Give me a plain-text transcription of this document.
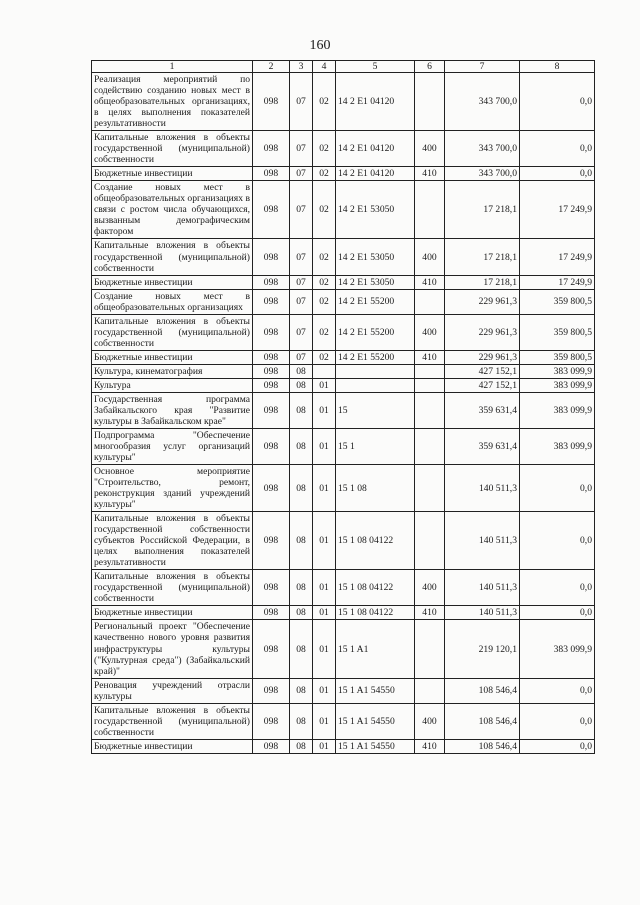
160
1	2	3	4	5	6	7	8
Реализация мероприятий по содействию созданию новых мест в общеобразовательных организациях, в целях выполнения показателей результативности	098	07	02	14 2 E1 04120		343 700,0	0,0
Капитальные вложения в объекты государственной (муниципальной) собственности	098	07	02	14 2 E1 04120	400	343 700,0	0,0
Бюджетные инвестиции	098	07	02	14 2 E1 04120	410	343 700,0	0,0
Создание новых мест в общеобразовательных организациях в связи с ростом числа обучающихся, вызванным демографическим фактором	098	07	02	14 2 E1 53050		17 218,1	17 249,9
Капитальные вложения в объекты государственной (муниципальной) собственности	098	07	02	14 2 E1 53050	400	17 218,1	17 249,9
Бюджетные инвестиции	098	07	02	14 2 E1 53050	410	17 218,1	17 249,9
Создание новых мест в общеобразовательных организациях	098	07	02	14 2 E1 55200		229 961,3	359 800,5
Капитальные вложения в объекты государственной (муниципальной) собственности	098	07	02	14 2 E1 55200	400	229 961,3	359 800,5
Бюджетные инвестиции	098	07	02	14 2 E1 55200	410	229 961,3	359 800,5
Культура, кинематография	098	08				427 152,1	383 099,9
Культура	098	08	01			427 152,1	383 099,9
Государственная программа Забайкальского края "Развитие культуры в Забайкальском крае"	098	08	01	15		359 631,4	383 099,9
Подпрограмма "Обеспечение многообразия услуг организаций культуры"	098	08	01	15 1		359 631,4	383 099,9
Основное мероприятие "Строительство, ремонт, реконструкция зданий учреждений культуры"	098	08	01	15 1 08		140 511,3	0,0
Капитальные вложения в объекты государственной собственности субъектов Российской Федерации, в целях выполнения показателей результативности	098	08	01	15 1 08 04122		140 511,3	0,0
Капитальные вложения в объекты государственной (муниципальной) собственности	098	08	01	15 1 08 04122	400	140 511,3	0,0
Бюджетные инвестиции	098	08	01	15 1 08 04122	410	140 511,3	0,0
Региональный проект "Обеспечение качественно нового уровня развития инфраструктуры культуры ("Культурная среда") (Забайкальский край)"	098	08	01	15 1 A1		219 120,1	383 099,9
Реновация учреждений отрасли культуры	098	08	01	15 1 A1 54550		108 546,4	0,0
Капитальные вложения в объекты государственной (муниципальной) собственности	098	08	01	15 1 A1 54550	400	108 546,4	0,0
Бюджетные инвестиции	098	08	01	15 1 A1 54550	410	108 546,4	0,0
